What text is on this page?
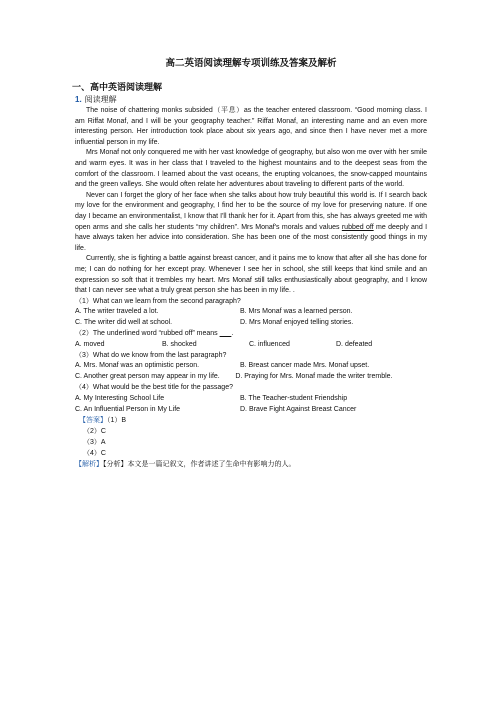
高二英语阅读理解专项训练及答案及解析
一、高中英语阅读理解
1. 阅读理解

The noise of chattering monks subsided（平息）as the teacher entered classroom. “Good morning class. I am Riffat Monaf, and I will be your geography teacher.” Riffat Monaf, an interesting name and an even more interesting person. Her introduction took place about six years ago, and since then I have never met a more influential person in my life.

Mrs Monaf not only conquered me with her vast knowledge of geography, but also won me over with her smile and warm eyes. It was in her class that I traveled to the highest mountains and to the deepest seas from the comfort of the classroom. I learned about the vast oceans, the erupting volcanoes, the snow-capped mountains and the green valleys. She would often relate her adventures about traveling to different parts of the world.

Never can I forget the glory of her face when she talks about how truly beautiful this world is. If I search back my love for the environment and geography, I find her to be the source of my love for preserving nature. If one day I became an environmentalist, I know that I'll thank her for it. Apart from this, she has always greeted me with open arms and she calls her students “my children”. Mrs Monaf's morals and values rubbed off me deeply and I have always taken her advice into consideration. She has been one of the most consistently good things in my life.

Currently, she is fighting a battle against breast cancer, and it pains me to know that after all she has done for me; I can do nothing for her except pray. Whenever I see her in school, she still keeps that kind smile and an expression so soft that it trembles my heart. Mrs Monaf still talks enthusiastically about geography, and I know that I can never see what a truly great person she has been in my life. .

（1）What can we learn from the second paragraph?
A. The writer traveled a lot.	B. Mrs Monaf was a learned person.
C. The writer did well at school.	D. Mrs Monaf enjoyed telling stories.
（2）The underlined word “rubbed off” means ___.
A. moved	B. shocked	C. influenced	D. defeated
（3）What do we know from the last paragraph?
A. Mrs. Monaf was an optimistic person.	B. Breast cancer made Mrs. Monaf upset.

C. Another great person may appear in my life. D. Praying for Mrs. Monaf made the writer tremble.

（4）What would be the best title for the passage?
A. My Interesting School Life	B. The Teacher-student Friendship
C. An Influential Person in My Life	D. Brave Fight Against Breast Cancer
【答案】（1）B
（2）C
（3）A
（4）C
【解析】【分析】本文是一篇记叙文，作者讲述了生命中有影响力的人。
